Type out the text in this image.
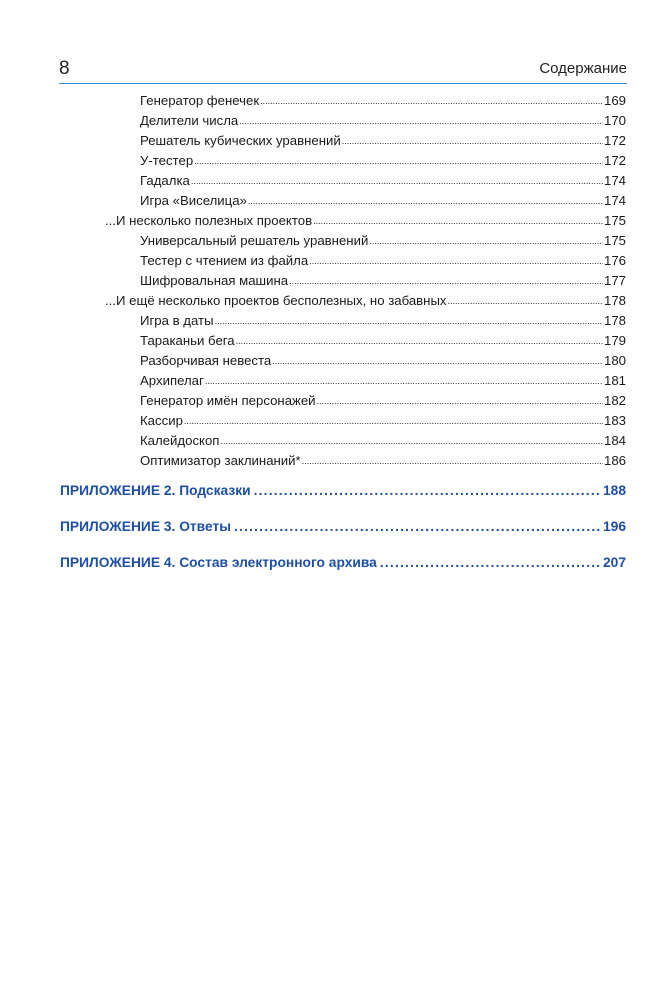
8	Содержание
Генератор фенечек .....	169
Делители числа .....	170
Решатель кубических уравнений .....	172
У-тестер .....	172
Гадалка .....	174
Игра «Виселица» .....	174
...И несколько полезных проектов .....	175
Универсальный решатель уравнений .....	175
Тестер с чтением из файла .....	176
Шифровальная машина .....	177
...И ещё несколько проектов бесполезных, но забавных .....	178
Игра в даты .....	178
Тараканьи бега .....	179
Разборчивая невеста .....	180
Архипелаг .....	181
Генератор имён персонажей .....	182
Кассир .....	183
Калейдоскоп .....	184
Оптимизатор заклинаний* .....	186
ПРИЛОЖЕНИЕ 2. Подсказки .....	188
ПРИЛОЖЕНИЕ 3. Ответы .....	196
ПРИЛОЖЕНИЕ 4. Состав электронного архива .....	207
